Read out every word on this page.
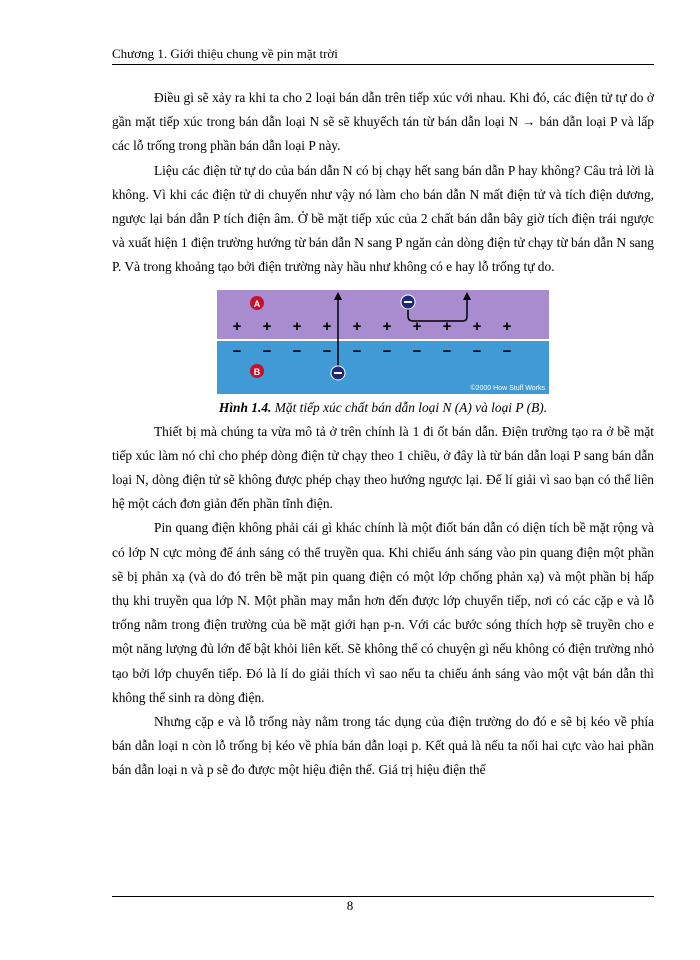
Chương 1. Giới thiệu chung về pin mặt trời

Điều gì sẽ xảy ra khi ta cho 2 loại bán dẫn trên tiếp xúc với nhau. Khi đó, các điện tử tự do ở gần mặt tiếp xúc trong bán dẫn loại N sẽ sẽ khuyếch tán từ bán dẫn loại N → bán dẫn loại P và lấp các lỗ trống trong phần bán dẫn loại P này.

Liệu các điện tử tự do của bán dẫn N có bị chạy hết sang bán dẫn P hay không? Câu trả lời là không. Vì khi các điện tử di chuyển như vậy nó làm cho bán dẫn N mất điện tử và tích điện dương, ngược lại bán dẫn P tích điện âm. Ở bề mặt tiếp xúc của 2 chất bán dẫn bây giờ tích điện trái ngược và xuất hiện 1 điện trường hướng từ bán dẫn N sang P ngăn cản dòng điện tử chạy từ bán dẫn N sang P. Và trong khoảng tạo bởi điện trường này hầu như không có e hay lỗ trống tự do.

A
B
+ + + + + + + + + +
− − − − − − − − − −
©2000 How Stuff Works
Hình 1.4. Mặt tiếp xúc chất bán dẫn loại N (A) và loại P (B).

Thiết bị mà chúng ta vừa mô tả ở trên chính là 1 đi ốt bán dẫn. Điện trường tạo ra ở bề mặt tiếp xúc làm nó chỉ cho phép dòng điện tử chạy theo 1 chiều, ở đây là từ bán dẫn loại P sang bán dẫn loại N, dòng điện tử sẽ không được phép chạy theo hướng ngược lại. Để lí giải vì sao bạn có thể liên hệ một cách đơn giản đến phần tĩnh điện.

Pin quang điện không phải cái gì khác chính là một điốt bán dẫn có diện tích bề mặt rộng và có lớp N cực mỏng để ánh sáng có thể truyền qua. Khi chiếu ánh sáng vào pin quang điện một phần sẽ bị phản xạ (và do đó trên bề mặt pin quang điện có một lớp chống phản xạ) và một phần bị hấp thụ khi truyền qua lớp N. Một phần may mắn hơn đến được lớp chuyển tiếp, nơi có các cặp e và lỗ trống nằm trong điện trường của bề mặt giới hạn p-n. Với các bước sóng thích hợp sẽ truyền cho e một năng lượng đủ lớn để bật khỏi liên kết. Sẽ không thể có chuyện gì nếu không có điện trường nhỏ tạo bởi lớp chuyển tiếp. Đó là lí do giải thích vì sao nếu ta chiếu ánh sáng vào một vật bán dẫn thì không thể sinh ra dòng điện.

Nhưng cặp e và lỗ trống này nằm trong tác dụng của điện trường do đó e sẽ bị kéo về phía bán dẫn loại n còn lỗ trống bị kéo về phía bán dẫn loại p. Kết quả là nếu ta nối hai cực vào hai phần bán dẫn loại n và p sẽ đo được một hiệu điện thế. Giá trị hiệu điện thế

8
